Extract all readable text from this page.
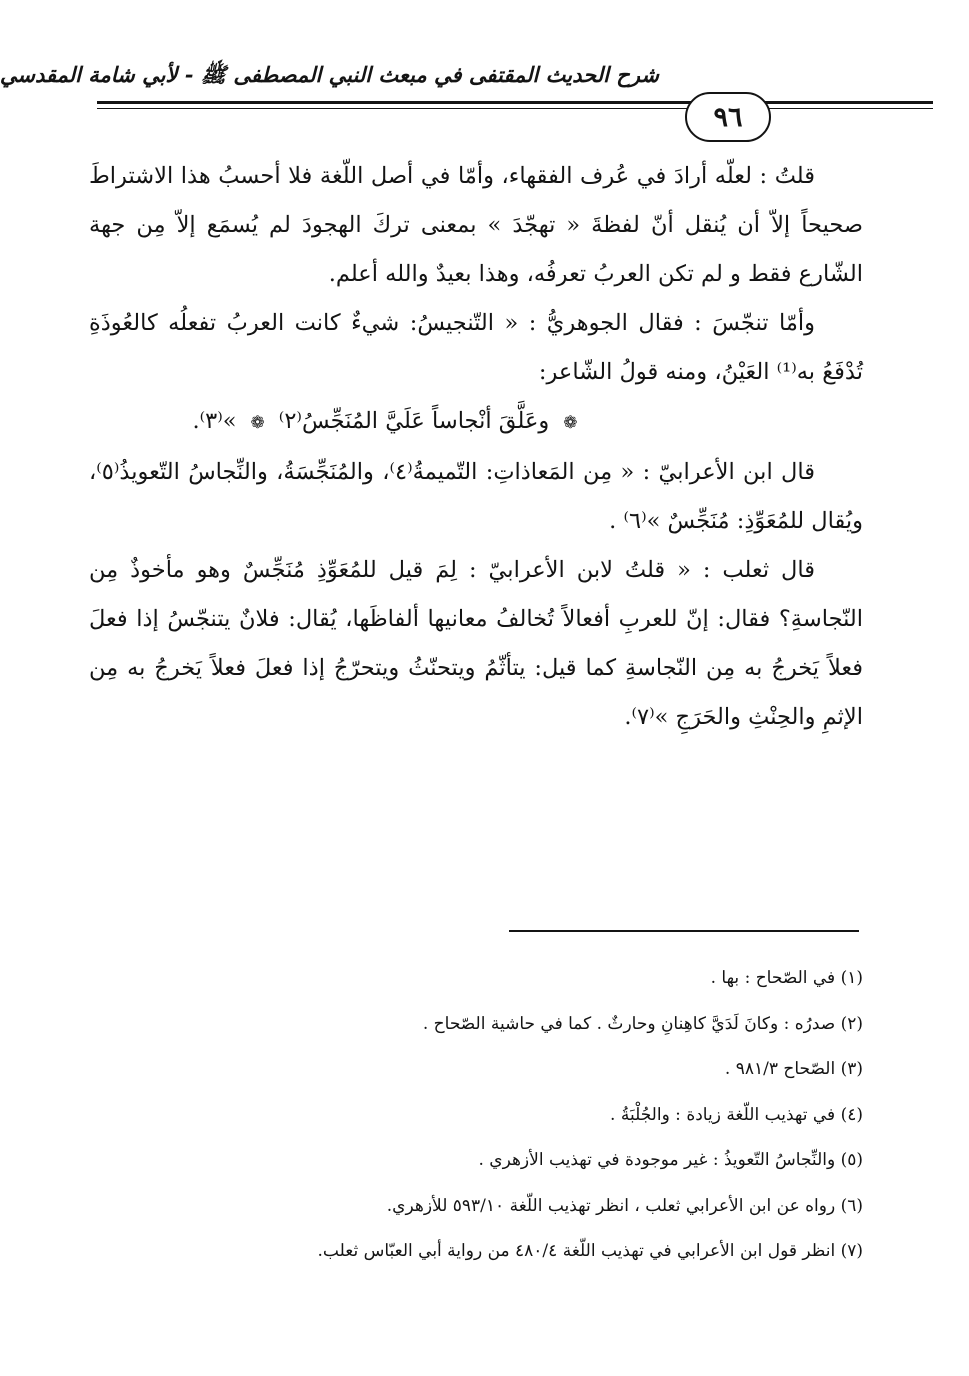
شرح الحديث المقتفى في مبعث النبي المصطفى ﷺ - لأبي شامة المقدسي
٩٦

قلتُ : لعلّه أرادَ في عُرف الفقهاء، وأمّا في أصل اللّغة فلا أحسبُ هذا الاشتراطَ صحيحاً إلاّ أن يُنقل أنّ لفظةَ « تهجّدَ » بمعنى تركَ الهجودَ لم يُسمَع إلاّ مِن جهة الشّارع فقط و لم تكن العربُ تعرفُه، وهذا بعيدٌ والله أعلم.

وأمّا تنجّسَ : فقال الجوهريُّ : « التّنجيسُ: شيءٌ كانت العربُ تفعلُه كالعُوذَةِ تُدْفَعُ به⁽¹⁾ العَيْنُ، ومنه قولُ الشّاعر:

❁وعَلَّقَ أنْجاساً عَلَيَّ المُنَجِّسُ⁽٢⁾❁»⁽٣⁾.

قال ابن الأعرابيّ : « مِن المَعاذاتِ: التّميمةُ⁽٤⁾، والمُنَجِّسَةُ، والنِّجاسُ التّعويذُ⁽٥⁾، ويُقال للمُعَوِّذِ: مُنَجِّسٌ »⁽٦⁾ .

قال ثعلب : « قلتُ لابن الأعرابيّ : لِمَ قيل للمُعَوِّذِ مُنَجِّسٌ وهو مأخوذٌ مِن النّجاسةِ؟ فقال: إنّ للعربِ أفعالاً تُخالفُ معانيها ألفاظَها، يُقال: فلانٌ يتنجّسُ إذا فعلَ فعلاً يَخرجُ به مِن النّجاسةِ كما قيل: يتأثّمُ ويتحنّثُ ويتحرّجُ إذا فعلَ فعلاً يَخرجُ به مِن الإثمِ والحِنْثِ والحَرَجِ »⁽٧⁾.

(١) في الصّحاح : بها .
(٢) صدرُه : وكانَ لَدَيَّ كاهِنانِ وحارثٌ . كما في حاشية الصّحاح .
(٣) الصّحاح ٩٨١/٣ .
(٤) في تهذيب اللّغة زيادة : والجُلْبَةُ .
(٥) والنِّجاسُ التّعويذُ : غير موجودة في تهذيب الأزهري .
(٦) رواه عن ابن الأعرابي ثعلب ، انظر تهذيب اللّغة ٥٩٣/١٠ للأزهري.
(٧) انظر قول ابن الأعرابي في تهذيب اللّغة ٤٨٠/٤ من رواية أبي العبّاس ثعلب.
